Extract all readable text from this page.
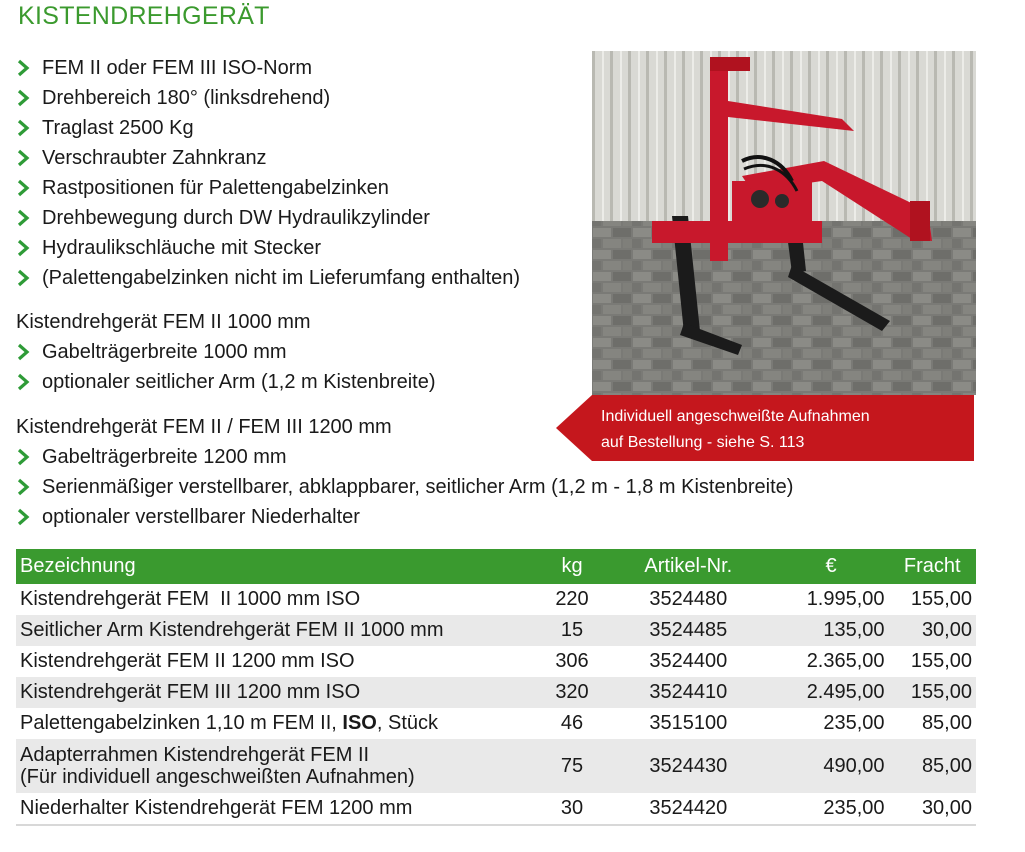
KISTENDREHGERÄT
FEM II oder FEM III ISO-Norm
Drehbereich 180° (linksdrehend)
Traglast 2500 Kg
Verschraubter Zahnkranz
Rastpositionen für Palettengabelzinken
Drehbewegung durch DW Hydraulikzylinder
Hydraulikschläuche mit Stecker
(Palettengabelzinken nicht im Lieferumfang enthalten)
Kistendrehgerät FEM II 1000 mm
Gabelträgerbreite 1000 mm
optionaler seitlicher Arm (1,2 m Kistenbreite)
Kistendrehgerät FEM II / FEM III 1200 mm
Gabelträgerbreite 1200 mm
Serienmäßiger verstellbarer, abklappbarer, seitlicher Arm (1,2 m - 1,8 m Kistenbreite)
optionaler verstellbarer Niederhalter
Individuell angeschweißte Aufnahmen
auf Bestellung - siehe S. 113
Bezeichnung	kg	Artikel-Nr.	€	Fracht
Kistendrehgerät FEM  II 1000 mm ISO	220	3524480	1.995,00	155,00
Seitlicher Arm Kistendrehgerät FEM II 1000 mm	15	3524485	135,00	30,00
Kistendrehgerät FEM II 1200 mm ISO	306	3524400	2.365,00	155,00
Kistendrehgerät FEM III 1200 mm ISO	320	3524410	2.495,00	155,00
Palettengabelzinken 1,10 m FEM II, ISO, Stück	46	3515100	235,00	85,00

Adapterrahmen Kistendrehgerät FEM II
(Für individuell angeschweißten Aufnahmen)	75	3524430	490,00	85,00
Niederhalter Kistendrehgerät FEM 1200 mm	30	3524420	235,00	30,00
